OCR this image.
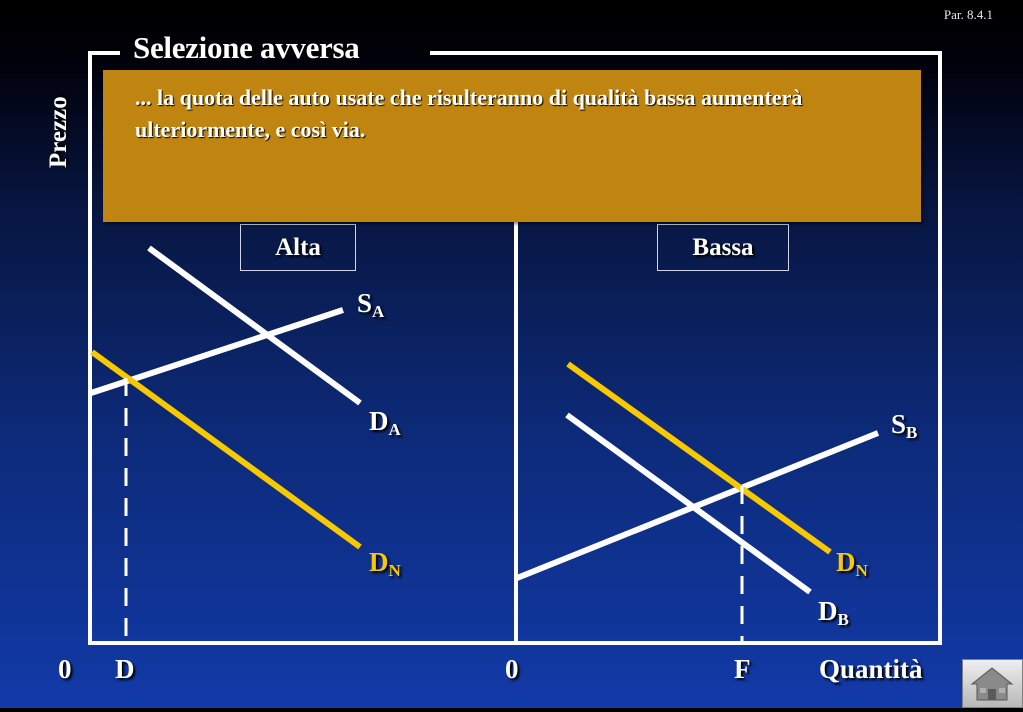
Par. 8.4.1
Selezione avversa
Prezzo
Alta	Bassa
... la quota delle auto usate che risulteranno di qualità bassa aumenterà ulteriormente, e così via.
$S_A$
$D_A$
$D_N$
$S_B$
$D_N$
$D_B$
0 D	0	F	Quantità
